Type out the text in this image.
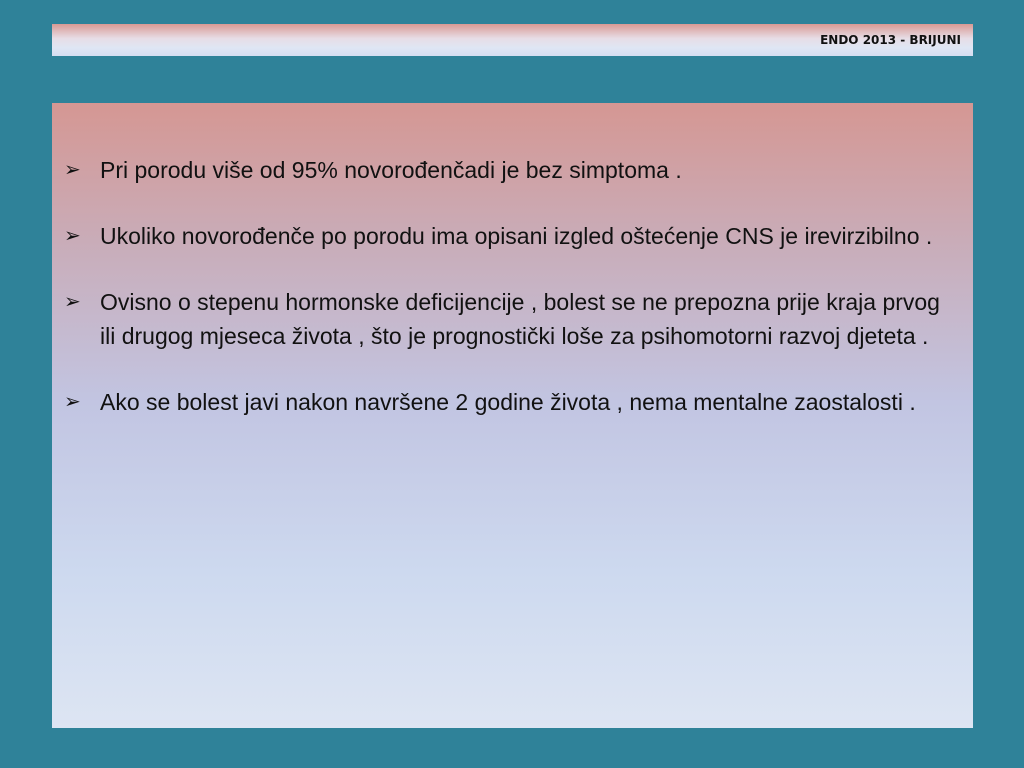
ENDO 2013 - BRIJUNI
➢ Pri porodu više od 95% novorođenčadi je bez simptoma .
➢ Ukoliko novorođenče po porodu ima opisani izgled oštećenje CNS je irevirzibilno .
➢ Ovisno o stepenu hormonske deficijencije , bolest se ne prepozna prije kraja prvog ili drugog mjeseca života , što je prognostički loše za psihomotorni razvoj djeteta .
➢ Ako se bolest javi nakon navršene 2 godine života , nema mentalne zaostalosti .
